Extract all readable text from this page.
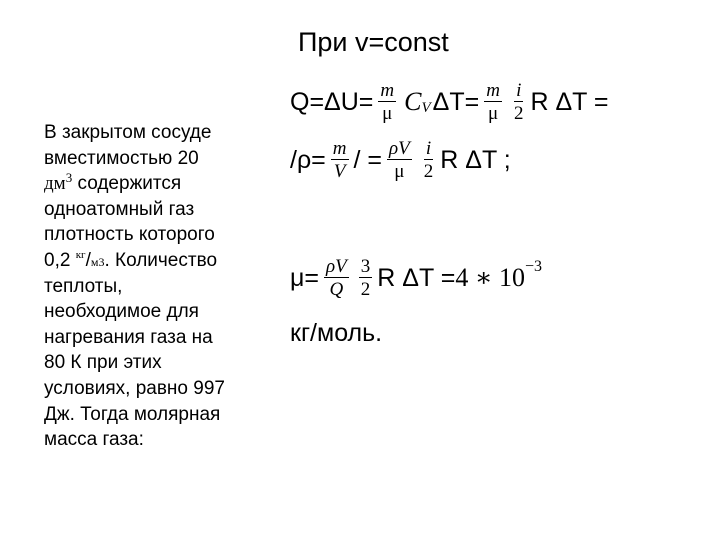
При v=const
В закрытом сосуде
вместимостью 20
$дм^3$ содержится
одноатомный газ
плотность которого
0,2 $^{кг}$/м3. Количество
теплоты,
необходимое для
нагревания газа на
80 К при этих
условиях, равно 997
Дж. Тогда молярная
масса газа:
$Q=\Delta U= \frac{m}{\mu}$ C V $\Delta T= \frac{m}{\mu} \frac{i}{2}$ R ΔT =
$/\rho= \frac{m}{V}$ / = $\frac{\rho V}{\mu} \frac{i}{2}$ R ΔT ;
$\mu= \frac{\rho V}{Q} \frac{3}{2}$ R ΔT = 4 ∗ 10 −3
кг/моль.
